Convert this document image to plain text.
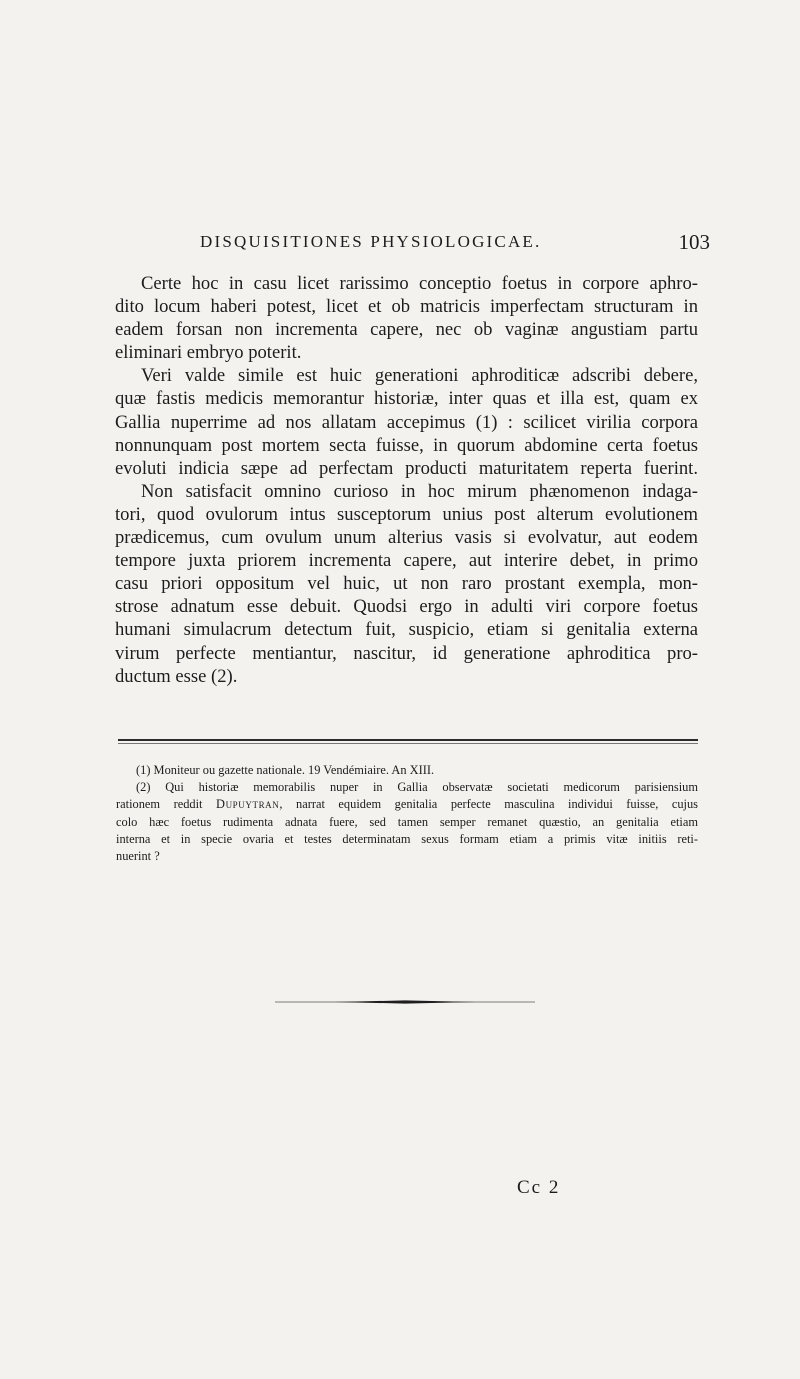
DISQUISITIONES PHYSIOLOGICAE.	103
Certe hoc in casu licet rarissimo conceptio foetus in corpore aphro-
dito locum haberi potest, licet et ob matricis imperfectam structuram in
eadem forsan non incrementa capere, nec ob vaginæ angustiam partu
eliminari embryo poterit.
Veri valde simile est huic generationi aphroditicæ adscribi debere,
quæ fastis medicis memorantur historiæ, inter quas et illa est, quam ex
Gallia nuperrime ad nos allatam accepimus (1) : scilicet virilia corpora
nonnunquam post mortem secta fuisse, in quorum abdomine certa foetus
evoluti indicia sæpe ad perfectam producti maturitatem reperta fuerint.
Non satisfacit omnino curioso in hoc mirum phænomenon indaga-
tori, quod ovulorum intus susceptorum unius post alterum evolutionem
prædicemus, cum ovulum unum alterius vasis si evolvatur, aut eodem
tempore juxta priorem incrementa capere, aut interire debet, in primo
casu priori oppositum vel huic, ut non raro prostant exempla, mon-
strose adnatum esse debuit. Quodsi ergo in adulti viri corpore foetus
humani simulacrum detectum fuit, suspicio, etiam si genitalia externa
virum perfecte mentiantur, nascitur, id generatione aphroditica pro-
ductum esse (2).
(1) Moniteur ou gazette nationale. 19 Vendémiaire. An XIII.
(2) Qui historiæ memorabilis nuper in Gallia observatæ societati medicorum parisiensium
rationem reddit Dupuytran, narrat equidem genitalia perfecte masculina individui fuisse, cujus
colo hæc foetus rudimenta adnata fuere, sed tamen semper remanet quæstio, an genitalia etiam
interna et in specie ovaria et testes determinatam sexus formam etiam a primis vitæ initiis reti-
nuerint ?
Cc 2
